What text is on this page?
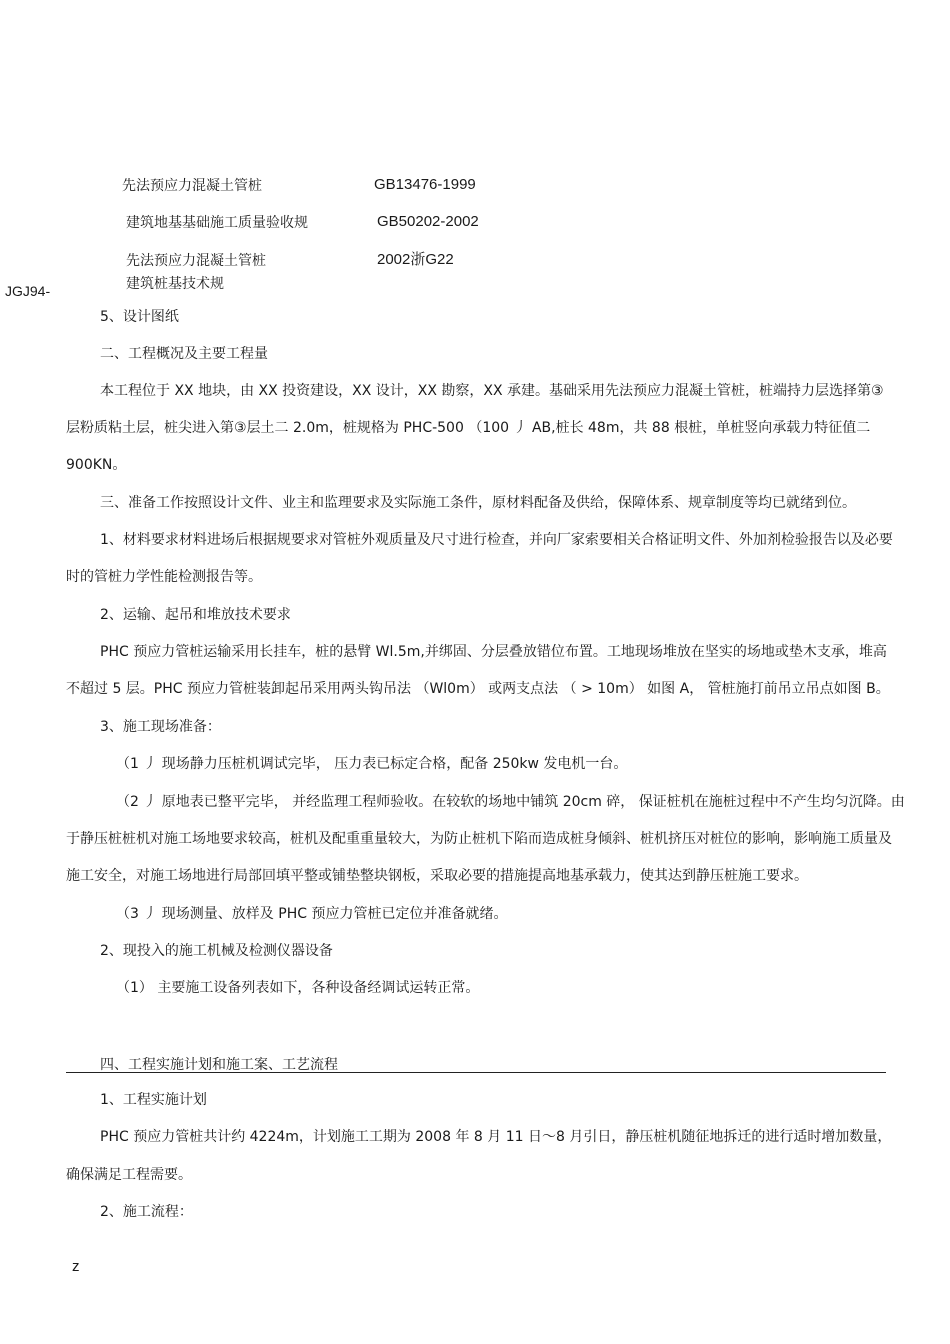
先法预应力混凝土管桩	GB13476-1999
建筑地基基础施工质量验收规	GB50202-2002
先法预应力混凝土管桩	2002浙G22
建筑桩基技术规
JGJ94-
5、设计图纸
二、工程概况及主要工程量
本工程位于 XX 地块，由 XX 投资建设，XX 设计，XX 勘察，XX 承建。基础采用先法预应力混凝土管桩，桩端持力层选择第③
层粉质粘土层，桩尖进入第③层土二 2.0m，桩规格为 PHC-500 （100 丿 AB,桩长 48m，共 88 根桩，单桩竖向承载力特征值二
900KN。
三、准备工作按照设计文件、业主和监理要求及实际施工条件，原材料配备及供给，保障体系、规章制度等均已就绪到位。
1、材料要求材料进场后根据规要求对管桩外观质量及尺寸进行检查，并向厂家索要相关合格证明文件、外加剂检验报告以及必要
时的管桩力学性能检测报告等。
2、运输、起吊和堆放技术要求
PHC 预应力管桩运输采用长挂车，桩的悬臂 Wl.5m,并绑固、分层叠放错位布置。工地现场堆放在坚实的场地或垫木支承，堆高
不超过 5 层。PHC 预应力管桩装卸起吊采用两头钩吊法 （Wl0m） 或两支点法 （ > 10m） 如图 A， 管桩施打前吊立吊点如图 B。
3、施工现场准备：
（1 丿 现场静力压桩机调试完毕， 压力表已标定合格，配备 250kw 发电机一台。
（2 丿 原地表已整平完毕， 并经监理工程师验收。在较软的场地中铺筑 20cm 碎， 保证桩机在施桩过程中不产生均匀沉降。由
于静压桩桩机对施工场地要求较高，桩机及配重重量较大，为防止桩机下陷而造成桩身倾斜、桩机挤压对桩位的影响，影响施工质量及
施工安全，对施工场地进行局部回填平整或铺垫整块钢板，采取必要的措施提高地基承载力，使其达到静压桩施工要求。
（3 丿 现场测量、放样及 PHC 预应力管桩已定位并准备就绪。
2、现投入的施工机械及检测仪器设备
（1） 主要施工设备列表如下，各种设备经调试运转正常。
四、工程实施计划和施工案、工艺流程
1、工程实施计划
PHC 预应力管桩共计约 4224m，计划施工工期为 2008 年 8 月 11 日～8 月引日，静压桩机随征地拆迁的进行适时增加数量，
确保满足工程需要。
2、施工流程：
z
